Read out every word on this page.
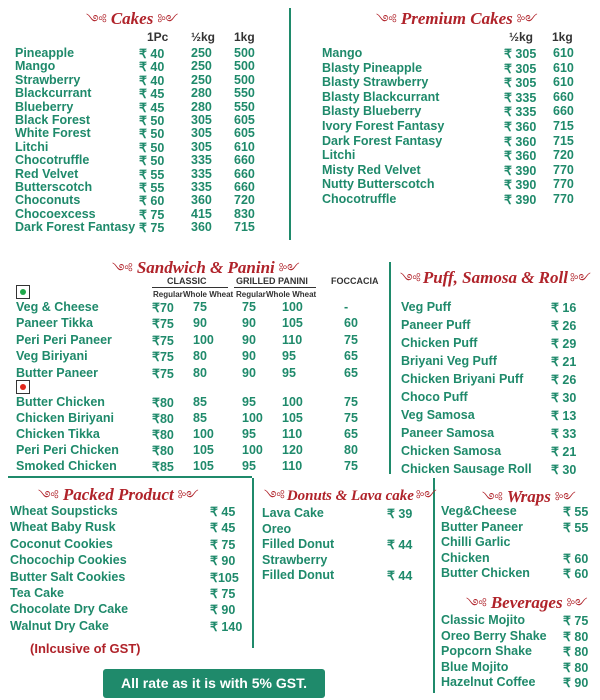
༺ Cakes ༻
1Pc ½kg 1kg
Pineapple	₹ 40 250 500
Mango	₹ 40 250 500
Strawberry	₹ 40 250 500
Blackcurrant	₹ 45 280 550
Blueberry	₹ 45 280 550
Black Forest	₹ 50 305 605
White Forest	₹ 50 305 605
Litchi	₹ 50 305 610
Chocotruffle	₹ 50 335 660
Red Velvet	₹ 55 335 660
Butterscotch	₹ 55 335 660
Choconuts	₹ 60 360 720
Chocoexcess	₹ 75 415 830
Dark Forest Fantasy ₹ 75 360 715
༺ Premium Cakes ༻
½kg 1kg
Mango	₹ 305 610
Blasty Pineapple	₹ 305 610
Blasty Strawberry	₹ 305 610
Blasty Blackcurrant	₹ 335 660
Blasty Blueberry	₹ 335 660
Ivory Forest Fantasy	₹ 360 715
Dark Forest Fantasy	₹ 360 715
Litchi	₹ 360 720
Misty Red Velvet	₹ 390 770
Nutty Butterscotch	₹ 390 770
Chocotruffle	₹ 390 770
༺ Sandwich & Panini ༻
CLASSIC	GRILLED PANINI	FOCCACIA
Regular Whole Wheat Regular Whole Wheat
Veg & Cheese	₹70 75	75 100	-
Paneer Tikka	₹75 90	90 105	60
Peri Peri Paneer	₹75 100 90 110	75
Veg Biriyani	₹75 80	90 95	65
Butter Paneer	₹75 80	90 95	65
Butter Chicken	₹80 85	95 100	75
Chicken Biriyani	₹80 85	100 105	75
Chicken Tikka	₹80 100 95 110	65
Peri Peri Chicken	₹80 105 100 120	80
Smoked Chicken	₹85 105 95 110	75
༺ Puff, Samosa & Roll ༻
Veg Puff	₹ 16
Paneer Puff	₹ 26
Chicken Puff	₹ 29
Briyani Veg Puff	₹ 21
Chicken Briyani Puff ₹ 26
Choco Puff	₹ 30
Veg Samosa	₹ 13
Paneer Samosa	₹ 33
Chicken Samosa	₹ 21
Chicken Sausage Roll ₹ 30
༺ Packed Product ༻
Wheat Soupsticks	₹ 45
Wheat Baby Rusk	₹ 45
Coconut Cookies	₹ 75
Chocochip Cookies	₹ 90
Butter Salt Cookies	₹105
Tea Cake	₹ 75
Chocolate Dry Cake	₹ 90
Walnut Dry Cake	₹ 140
(Inlcusive of GST)
༺ Donuts & Lava cake ༻
Lava Cake	₹ 39
Oreo
Filled Donut	₹ 44
Strawberry
Filled Donut	₹ 44
༺ Wraps ༻
Veg&Cheese	₹ 55
Butter Paneer	₹ 55
Chilli Garlic
Chicken	₹ 60
Butter Chicken	₹ 60
༺ Beverages ༻
Classic Mojito	₹ 75
Oreo Berry Shake ₹ 80
Popcorn Shake ₹ 80
Blue Mojito	₹ 80
Hazelnut Coffee ₹ 90
All rate as it is with 5% GST.
